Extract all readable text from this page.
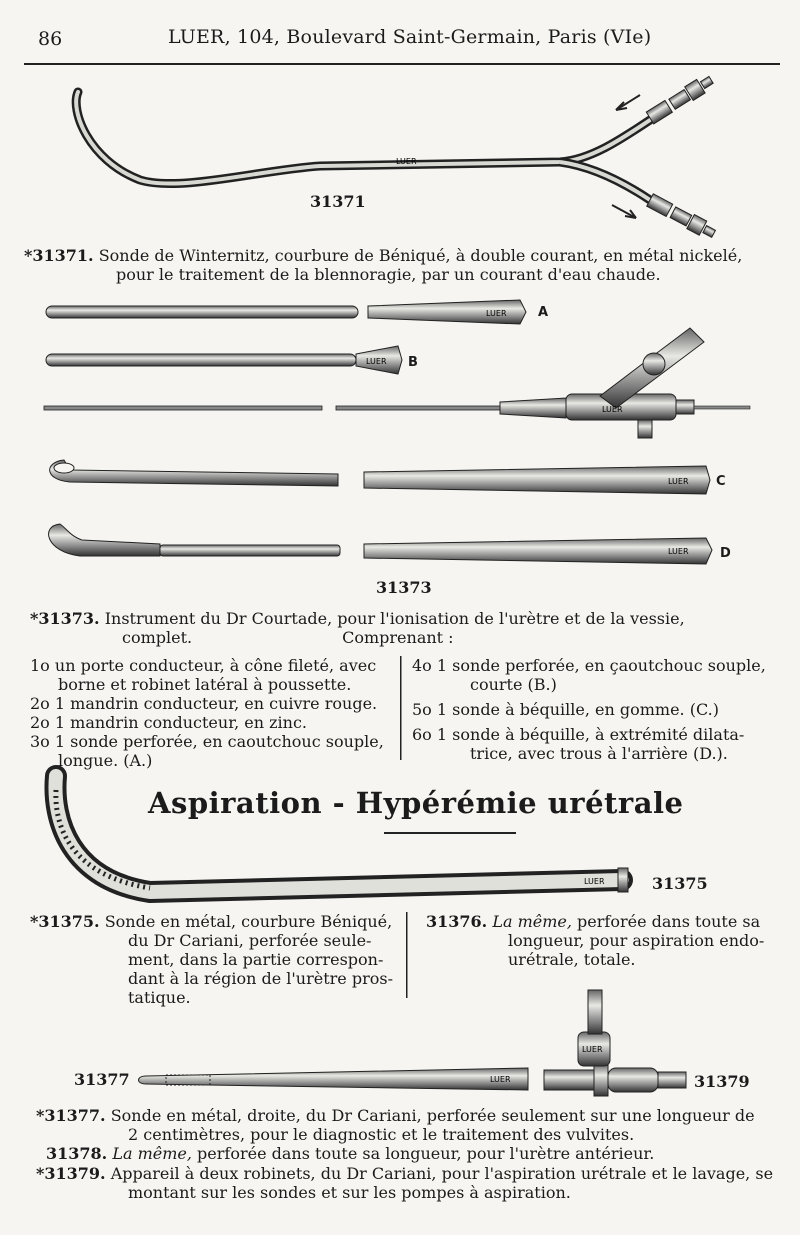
86	LUER, 104, Boulevard Saint-Germain, Paris (VIe)
LUER
LUER
LUER
LUER
LUER
LUER
LUER
LUER
LUER
31371
31373
31375
31377	31379
A
B
C
D
*31371. Sonde de Winternitz, courbure de Béniqué, à double courant, en métal nickelé,
pour le traitement de la blennoragie, par un courant d'eau chaude.
*31373. Instrument du Dr Courtade, pour l'ionisation de l'urètre et de la vessie,
complet.	Comprenant :
1o un porte conducteur, à cône fileté, avec
borne et robinet latéral à poussette.
2o 1 mandrin conducteur, en cuivre rouge.
2o 1 mandrin conducteur, en zinc.
3o 1 sonde perforée, en caoutchouc souple,
longue. (A.)
4o 1 sonde perforée, en çaoutchouc souple,
courte (B.)
5o 1 sonde à béquille, en gomme. (C.)
6o 1 sonde à béquille, à extrémité dilata-
trice, avec trous à l'arrière (D.).
Aspiration - Hypérémie urétrale
*31375. Sonde en métal, courbure Béniqué,
du Dr Cariani, perforée seule-
ment, dans la partie correspon-
dant à la région de l'urètre pros-
tatique.
31376. La même, perforée dans toute sa
longueur, pour aspiration endo-
urétrale, totale.
*31377. Sonde en métal, droite, du Dr Cariani, perforée seulement sur une longueur de
2 centimètres, pour le diagnostic et le traitement des vulvites.
31378. La même, perforée dans toute sa longueur, pour l'urètre antérieur.
*31379. Appareil à deux robinets, du Dr Cariani, pour l'aspiration urétrale et le lavage, se
montant sur les sondes et sur les pompes à aspiration.
